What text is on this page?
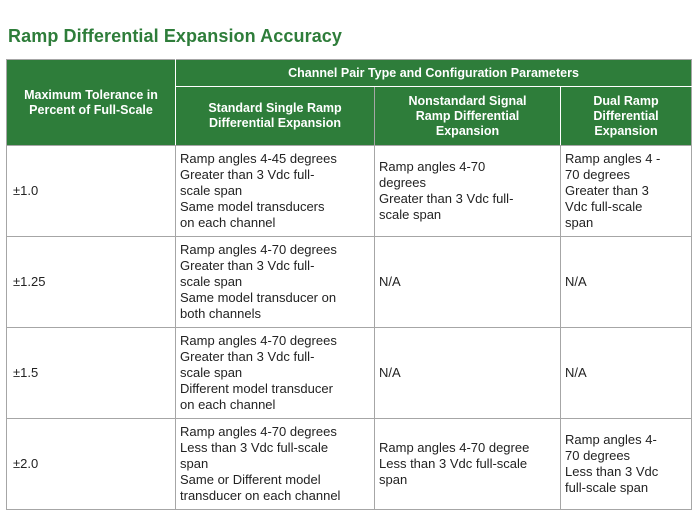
Ramp Differential Expansion Accuracy
Maximum Tolerance in
Percent of Full-Scale	Channel Pair Type and Configuration Parameters		

	Standard Single Ramp
Differential Expansion	Nonstandard Signal
Ramp Differential
Expansion	Dual Ramp
Differential
Expansion

±1.0	Ramp angles 4-45 degrees
Greater than 3 Vdc full-
scale span
Same model transducers
on each channel	Ramp angles 4-70
degrees
Greater than 3 Vdc full-
scale span	Ramp angles 4 -
70 degrees
Greater than 3
Vdc full-scale
span

±1.25	Ramp angles 4-70 degrees
Greater than 3 Vdc full-
scale span
Same model transducer on
both channels	N/A	N/A

±1.5	Ramp angles 4-70 degrees
Greater than 3 Vdc full-
scale span
Different model transducer
on each channel	N/A	N/A

±2.0	Ramp angles 4-70 degrees
Less than 3 Vdc full-scale
span
Same or Different model
transducer on each channel	Ramp angles 4-70 degree
Less than 3 Vdc full-scale
span	Ramp angles 4-
70 degrees
Less than 3 Vdc
full-scale span
